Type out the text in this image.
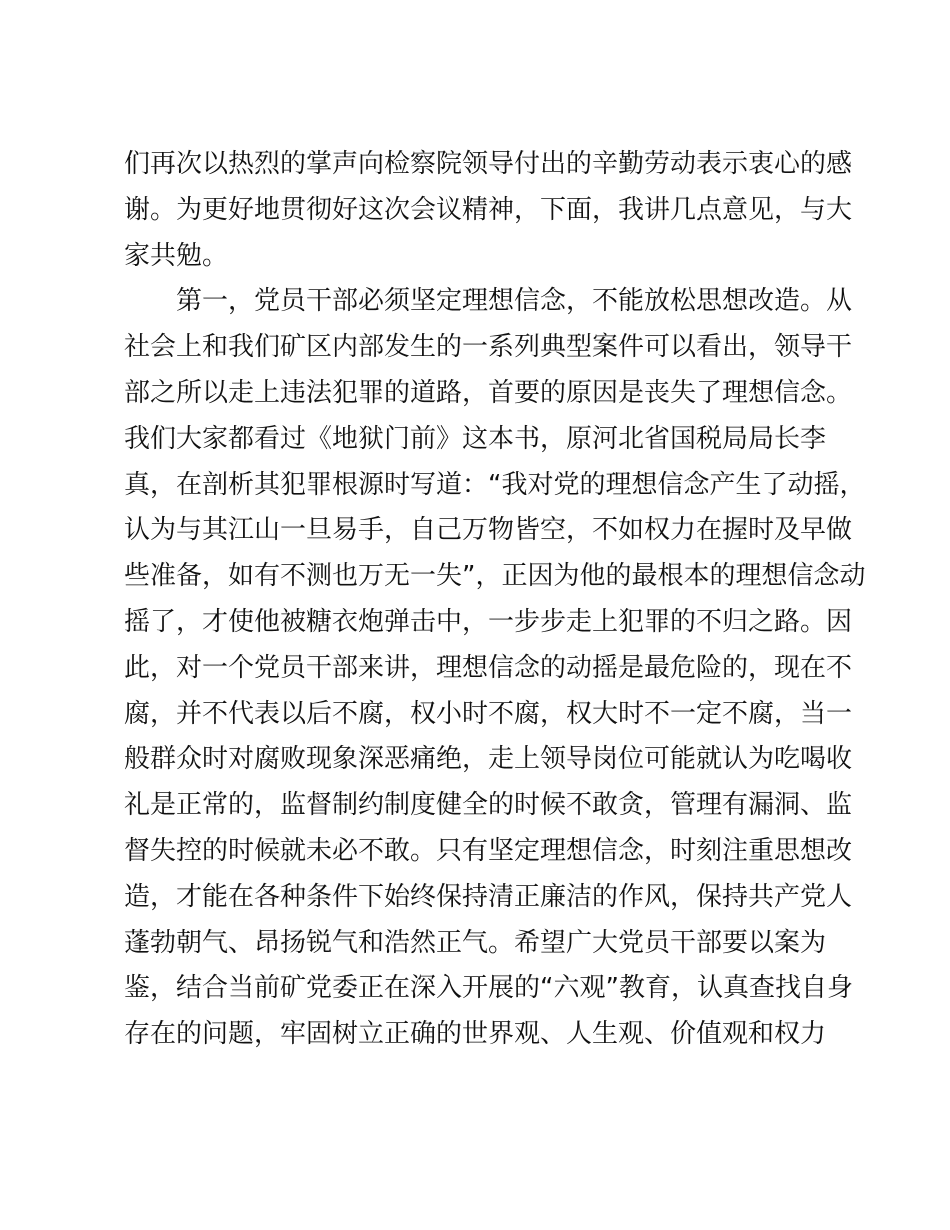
们再次以热烈的掌声向检察院领导付出的辛勤劳动表示衷心的感
谢。为更好地贯彻好这次会议精神，下面，我讲几点意见，与大
家共勉。
　　第一，党员干部必须坚定理想信念，不能放松思想改造。从
社会上和我们矿区内部发生的一系列典型案件可以看出，领导干
部之所以走上违法犯罪的道路，首要的原因是丧失了理想信念。
我们大家都看过《地狱门前》这本书，原河北省国税局局长李
真，在剖析其犯罪根源时写道：“我对党的理想信念产生了动摇，
认为与其江山一旦易手，自己万物皆空，不如权力在握时及早做
些准备，如有不测也万无一失”，正因为他的最根本的理想信念动
摇了，才使他被糖衣炮弹击中，一步步走上犯罪的不归之路。因
此，对一个党员干部来讲，理想信念的动摇是最危险的，现在不
腐，并不代表以后不腐，权小时不腐，权大时不一定不腐，当一
般群众时对腐败现象深恶痛绝，走上领导岗位可能就认为吃喝收
礼是正常的，监督制约制度健全的时候不敢贪，管理有漏洞、监
督失控的时候就未必不敢。只有坚定理想信念，时刻注重思想改
造，才能在各种条件下始终保持清正廉洁的作风，保持共产党人
蓬勃朝气、昂扬锐气和浩然正气。希望广大党员干部要以案为
鉴，结合当前矿党委正在深入开展的“六观”教育，认真查找自身
存在的问题，牢固树立正确的世界观、人生观、价值观和权力
